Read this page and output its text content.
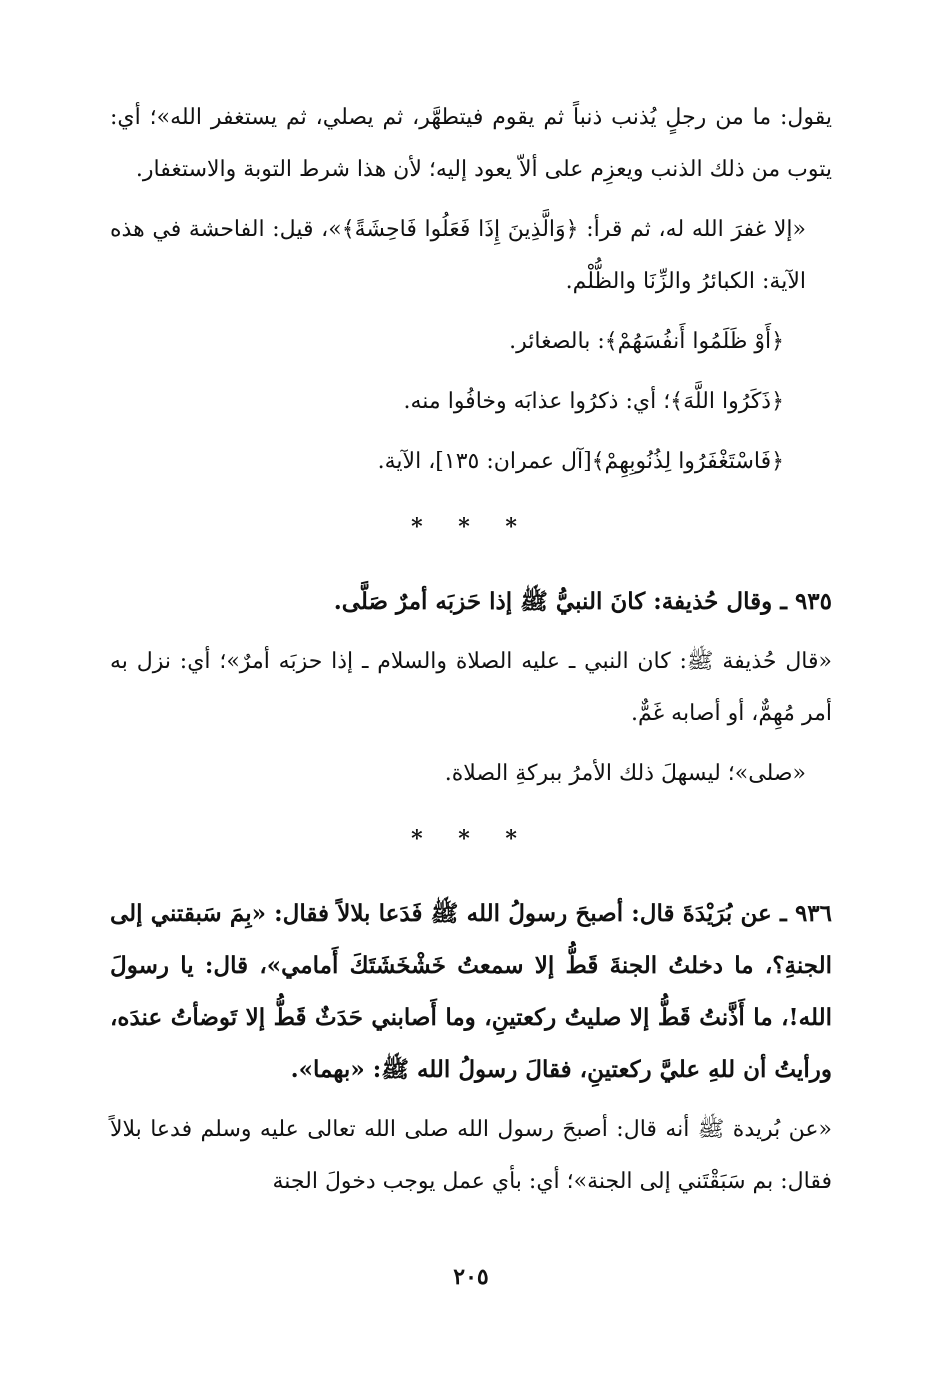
يقول: ما من رجلٍ يُذنب ذنباً ثم يقوم فيتطهَّر، ثم يصلي، ثم يستغفر الله»؛ أي: يتوب من ذلك الذنب ويعزِم على ألاّ يعود إليه؛ لأن هذا شرط التوبة والاستغفار.

«إلا غفرَ الله له، ثم قرأ: ﴿وَالَّذِينَ إِذَا فَعَلُوا فَاحِشَةً﴾»، قيل: الفاحشة في هذه الآية: الكبائرُ والزِّنَا والظُّلْم.

﴿أَوْ ظَلَمُوا أَنفُسَهُمْ﴾: بالصغائر.

﴿ذَكَرُوا اللَّهَ﴾؛ أي: ذكرُوا عذابَه وخافُوا منه.

﴿فَاسْتَغْفَرُوا لِذُنُوبِهِمْ﴾[آل عمران: ١٣٥]، الآية.

* * *

٩٣٥ ـ وقال حُذيفة: كانَ النبيُّ ﷺ إذا حَزبَه أمرٌ صَلَّى.

«قال حُذيفة ﷺ: كان النبي ـ عليه الصلاة والسلام ـ إذا حزبَه أمرٌ»؛ أي: نزل به أمر مُهِمٌّ، أو أصابه غَمٌّ.

«صلى»؛ ليسهلَ ذلك الأمرُ ببركةِ الصلاة.

* * *

٩٣٦ ـ عن بُرَيْدَةَ قال: أصبحَ رسولُ الله ﷺ فَدَعا بلالاً فقال: «بِمَ سَبقتني إلى الجنةِ؟، ما دخلتُ الجنةَ قَطُّ إلا سمعتُ خَشْخَشَتَكَ أَمامي»، قال: يا رسولَ الله!، ما أَذَّنتُ قَطُّ إلا صليتُ ركعتينِ، وما أَصابني حَدَثٌ قَطُّ إلا تَوضأتُ عندَه، ورأيتُ أن للهِ عليَّ ركعتينِ، فقالَ رسولُ الله ﷺ: «بهما».

«عن بُريدة ﷺ أنه قال: أصبحَ رسول الله صلى الله تعالى عليه وسلم فدعا بلالاً فقال: بم سَبَقْتَني إلى الجنة»؛ أي: بأي عمل يوجب دخولَ الجنة

٢٠٥
